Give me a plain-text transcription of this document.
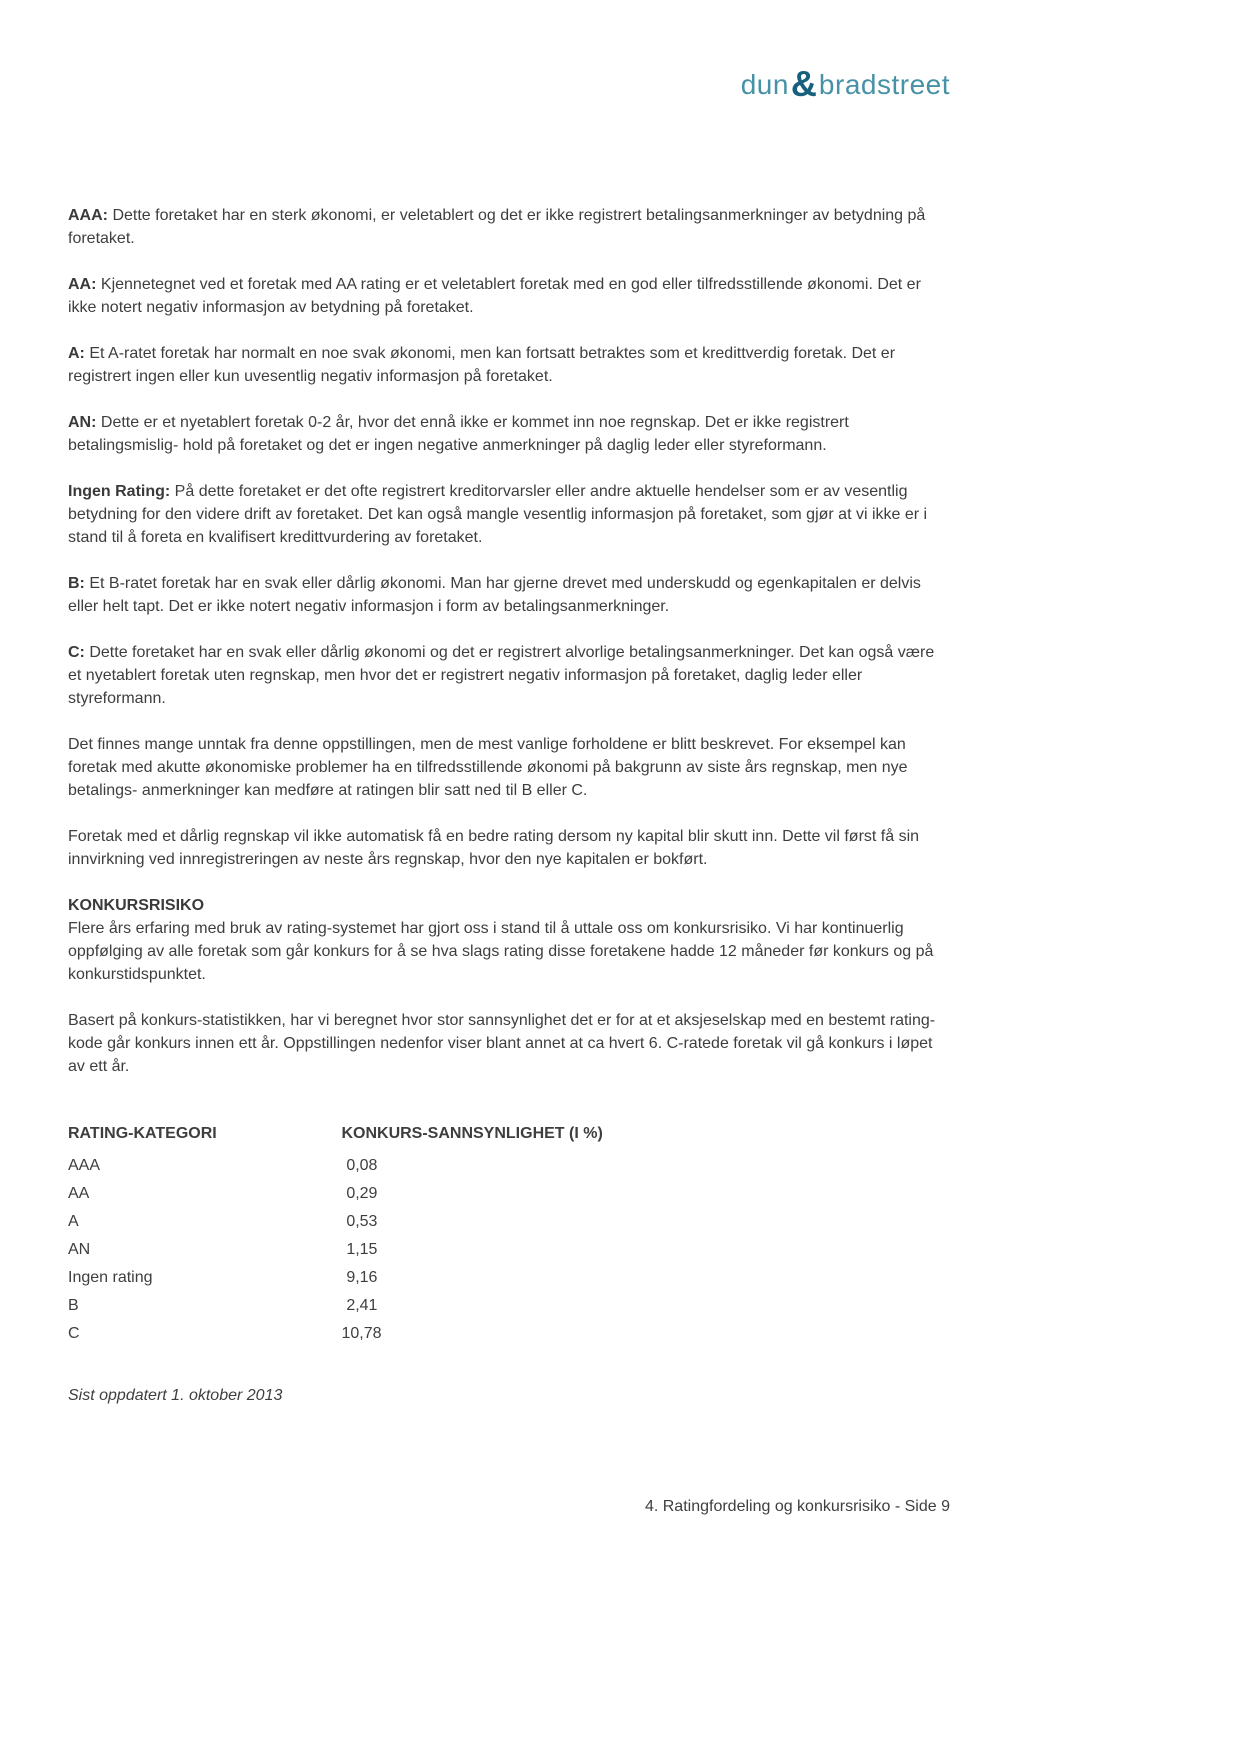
dun & bradstreet

AAA: Dette foretaket har en sterk økonomi, er veletablert og det er ikke registrert betalingsanmerkninger av betydning på foretaket.

AA: Kjennetegnet ved et foretak med AA rating er et veletablert foretak med en god eller tilfredsstillende økonomi. Det er ikke notert negativ informasjon av betydning på foretaket.

A: Et A-ratet foretak har normalt en noe svak økonomi, men kan fortsatt betraktes som et kredittverdig foretak. Det er registrert ingen eller kun uvesentlig negativ informasjon på foretaket.

AN: Dette er et nyetablert foretak 0-2 år, hvor det ennå ikke er kommet inn noe regnskap. Det er ikke registrert betalingsmislig- hold på foretaket og det er ingen negative anmerkninger på daglig leder eller styreformann.

Ingen Rating: På dette foretaket er det ofte registrert kreditorvarsler eller andre aktuelle hendelser som er av vesentlig betydning for den videre drift av foretaket. Det kan også mangle vesentlig informasjon på foretaket, som gjør at vi ikke er i stand til å foreta en kvalifisert kredittvurdering av foretaket.

B: Et B-ratet foretak har en svak eller dårlig økonomi. Man har gjerne drevet med underskudd og egenkapitalen er delvis eller helt tapt. Det er ikke notert negativ informasjon i form av betalingsanmerkninger.

C: Dette foretaket har en svak eller dårlig økonomi og det er registrert alvorlige betalingsanmerkninger. Det kan også være et nyetablert foretak uten regnskap, men hvor det er registrert negativ informasjon på foretaket, daglig leder eller styreformann.

Det finnes mange unntak fra denne oppstillingen, men de mest vanlige forholdene er blitt beskrevet. For eksempel kan foretak med akutte økonomiske problemer ha en tilfredsstillende økonomi på bakgrunn av siste års regnskap, men nye betalings- anmerkninger kan medføre at ratingen blir satt ned til B eller C.

Foretak med et dårlig regnskap vil ikke automatisk få en bedre rating dersom ny kapital blir skutt inn. Dette vil først få sin innvirkning ved innregistreringen av neste års regnskap, hvor den nye kapitalen er bokført.

KONKURSRISIKO

Flere års erfaring med bruk av rating-systemet har gjort oss i stand til å uttale oss om konkursrisiko. Vi har kontinuerlig oppfølging av alle foretak som går konkurs for å se hva slags rating disse foretakene hadde 12 måneder før konkurs og på konkurstidspunktet.

Basert på konkurs-statistikken, har vi beregnet hvor stor sannsynlighet det er for at et aksjeselskap med en bestemt rating-kode går konkurs innen ett år. Oppstillingen nedenfor viser blant annet at ca hvert 6. C-ratede foretak vil gå konkurs i løpet av ett år.

RATING-KATEGORI	KONKURS-SANNSYNLIGHET (I %)
AAA	0,08
AA	0,29
A	0,53
AN	1,15
Ingen rating	9,16
B	2,41
C	10,78
Sist oppdatert 1. oktober 2013
4. Ratingfordeling og konkursrisiko - Side 9
